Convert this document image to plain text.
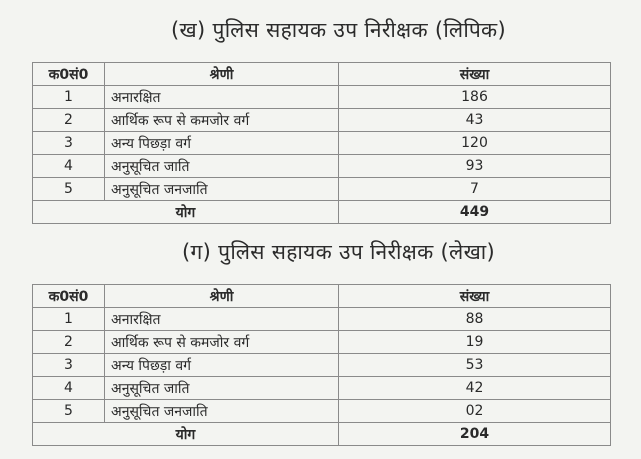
(ख) पुलिस सहायक उप निरीक्षक (लिपिक)
क0सं0	श्रेणी	संख्या
1	अनारक्षित	186
2	आर्थिक रूप से कमजोर वर्ग	43
3	अन्य पिछड़ा वर्ग	120
4	अनुसूचित जाति	93
5	अनुसूचित जनजाति	7
योग		449
(ग) पुलिस सहायक उप निरीक्षक (लेखा)
क0सं0	श्रेणी	संख्या
1	अनारक्षित	88
2	आर्थिक रूप से कमजोर वर्ग	19
3	अन्य पिछड़ा वर्ग	53
4	अनुसूचित जाति	42
5	अनुसूचित जनजाति	02
योग		204
